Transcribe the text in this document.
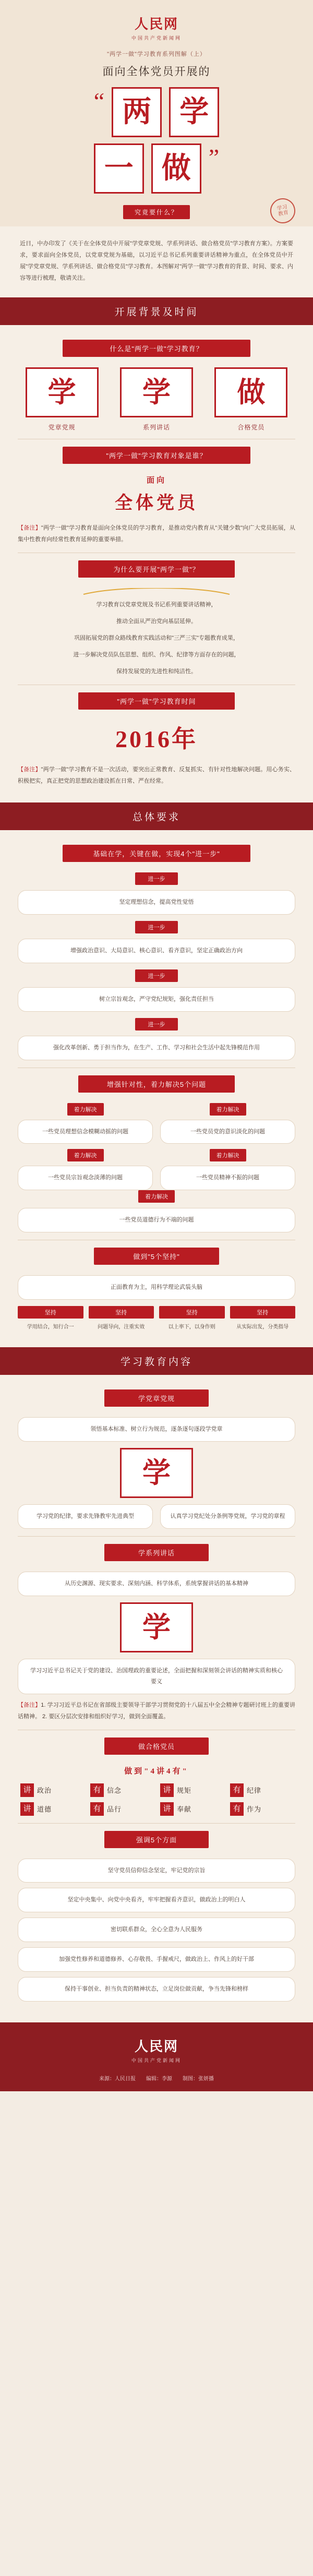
人民网
中国共产党新闻网
"两学一做"学习教育系列图解（上）
面向全体党员开展的
“ 两 学
一 做 ”
究竟要什么？
学习
教育
近日，中办印发了《关于在全体党员中开展"学党章党规、学系列讲话、做合格党员"学习教育方案》。方案要求，要求面向全体党员，以党章党规为基础，以习近平总书记系列重要讲话精神为重点，在全体党员中开展"学党章党规、学系列讲话、做合格党员"学习教育。本图解对"两学一做"学习教育的背景、时间、要求、内容等进行梳理，敬请关注。
开展背景及时间
什么是"两学一做"学习教育？
学
党章党规
学
系列讲话
做
合格党员
"两学一做"学习教育对象是谁？
面向
全体党员
【备注】"两学一做"学习教育是面向全体党员的学习教育，是推动党内教育从"关键少数"向广大党员拓展，从集中性教育向经常性教育延伸的重要举措。
为什么要开展"两学一做"？
学习教育以党章党规及书记系列重要讲话精神，
推动全面从严治党向基层延伸。
巩固拓展党的群众路线教育实践活动和"三严三实"专题教育成果，
进一步解决党员队伍思想、组织、作风、纪律等方面存在的问题，
保持发展党的先进性和纯洁性。
"两学一做"学习教育时间
2016年
【备注】"两学一做"学习教育不是一次活动，要突出正常教育、反复抓实、有针对性地解决问题。用心务实、积极把实，真正把党的思想政治建设抓在日常、严在经常。
总体要求
基础在学，关键在做，实现4个"进一步"
进一步
坚定理想信念，提高党性觉悟
进一步
增强政治意识、大局意识、核心意识、看齐意识，坚定正确政治方向
进一步
树立宗旨观念，严守党纪规矩，强化责任担当
进一步
强化改革创新、勇于担当作为，在生产、工作、学习和社会生活中起先锋模范作用
增强针对性，着力解决5个问题
着力解决
一些党员理想信念模糊动摇的问题
着力解决
一些党员党的意识淡化的问题
着力解决
一些党员宗旨观念淡薄的问题
着力解决
一些党员精神不振的问题
着力解决
一些党员道德行为不端的问题
做到"5个坚持"
正面教育为主，用科学理论武装头脑
坚持
学用结合，知行合一
坚持
问题导向，注重实效
坚持
以上率下，以身作则
坚持
从实际出发，分类指导
学习教育内容
学党章党规
领悟基本标准、树立行为规范，逐条逐句逐段学党章
学
学习党的纪律，要求先锋教牢先进典型	认真学习党纪处分条例等党规，学习党的章程
学系列讲话
从历史渊源、现实要求、深刻内涵、科学体系，系统掌握讲话的基本精神
学
学习习近平总书记关于党的建设、治国理政的重要论述，全面把握和深刻领会讲话的精神实质和核心要义
【备注】1. 学习习近平总书记在省部级主要领导干部学习贯彻党的十八届五中全会精神专题研讨班上的重要讲话精神。 2. 要区分层次安排和组织好学习，做到全面覆盖。
做合格党员
做到"4讲4有"
讲 政治	有 信念	讲 规矩	有 纪律
讲 道德	有 品行	讲 奉献	有 作为
强调5个方面
坚守党员信仰信念坚定，牢记党的宗旨
坚定中央集中、向党中央看齐，牢牢把握看齐意识，做政治上的明白人
密切联系群众，全心全意为人民服务
加强党性修养和道德修养、心存敬畏、手握戒尺，做政治上、作风上的好干部
保持干事创业、担当负责的精神状态，立足岗位做贡献，争当先锋和榜样
人民网
中国共产党新闻网
来源：人民日报　　编辑：李源　　制图：张妍播
